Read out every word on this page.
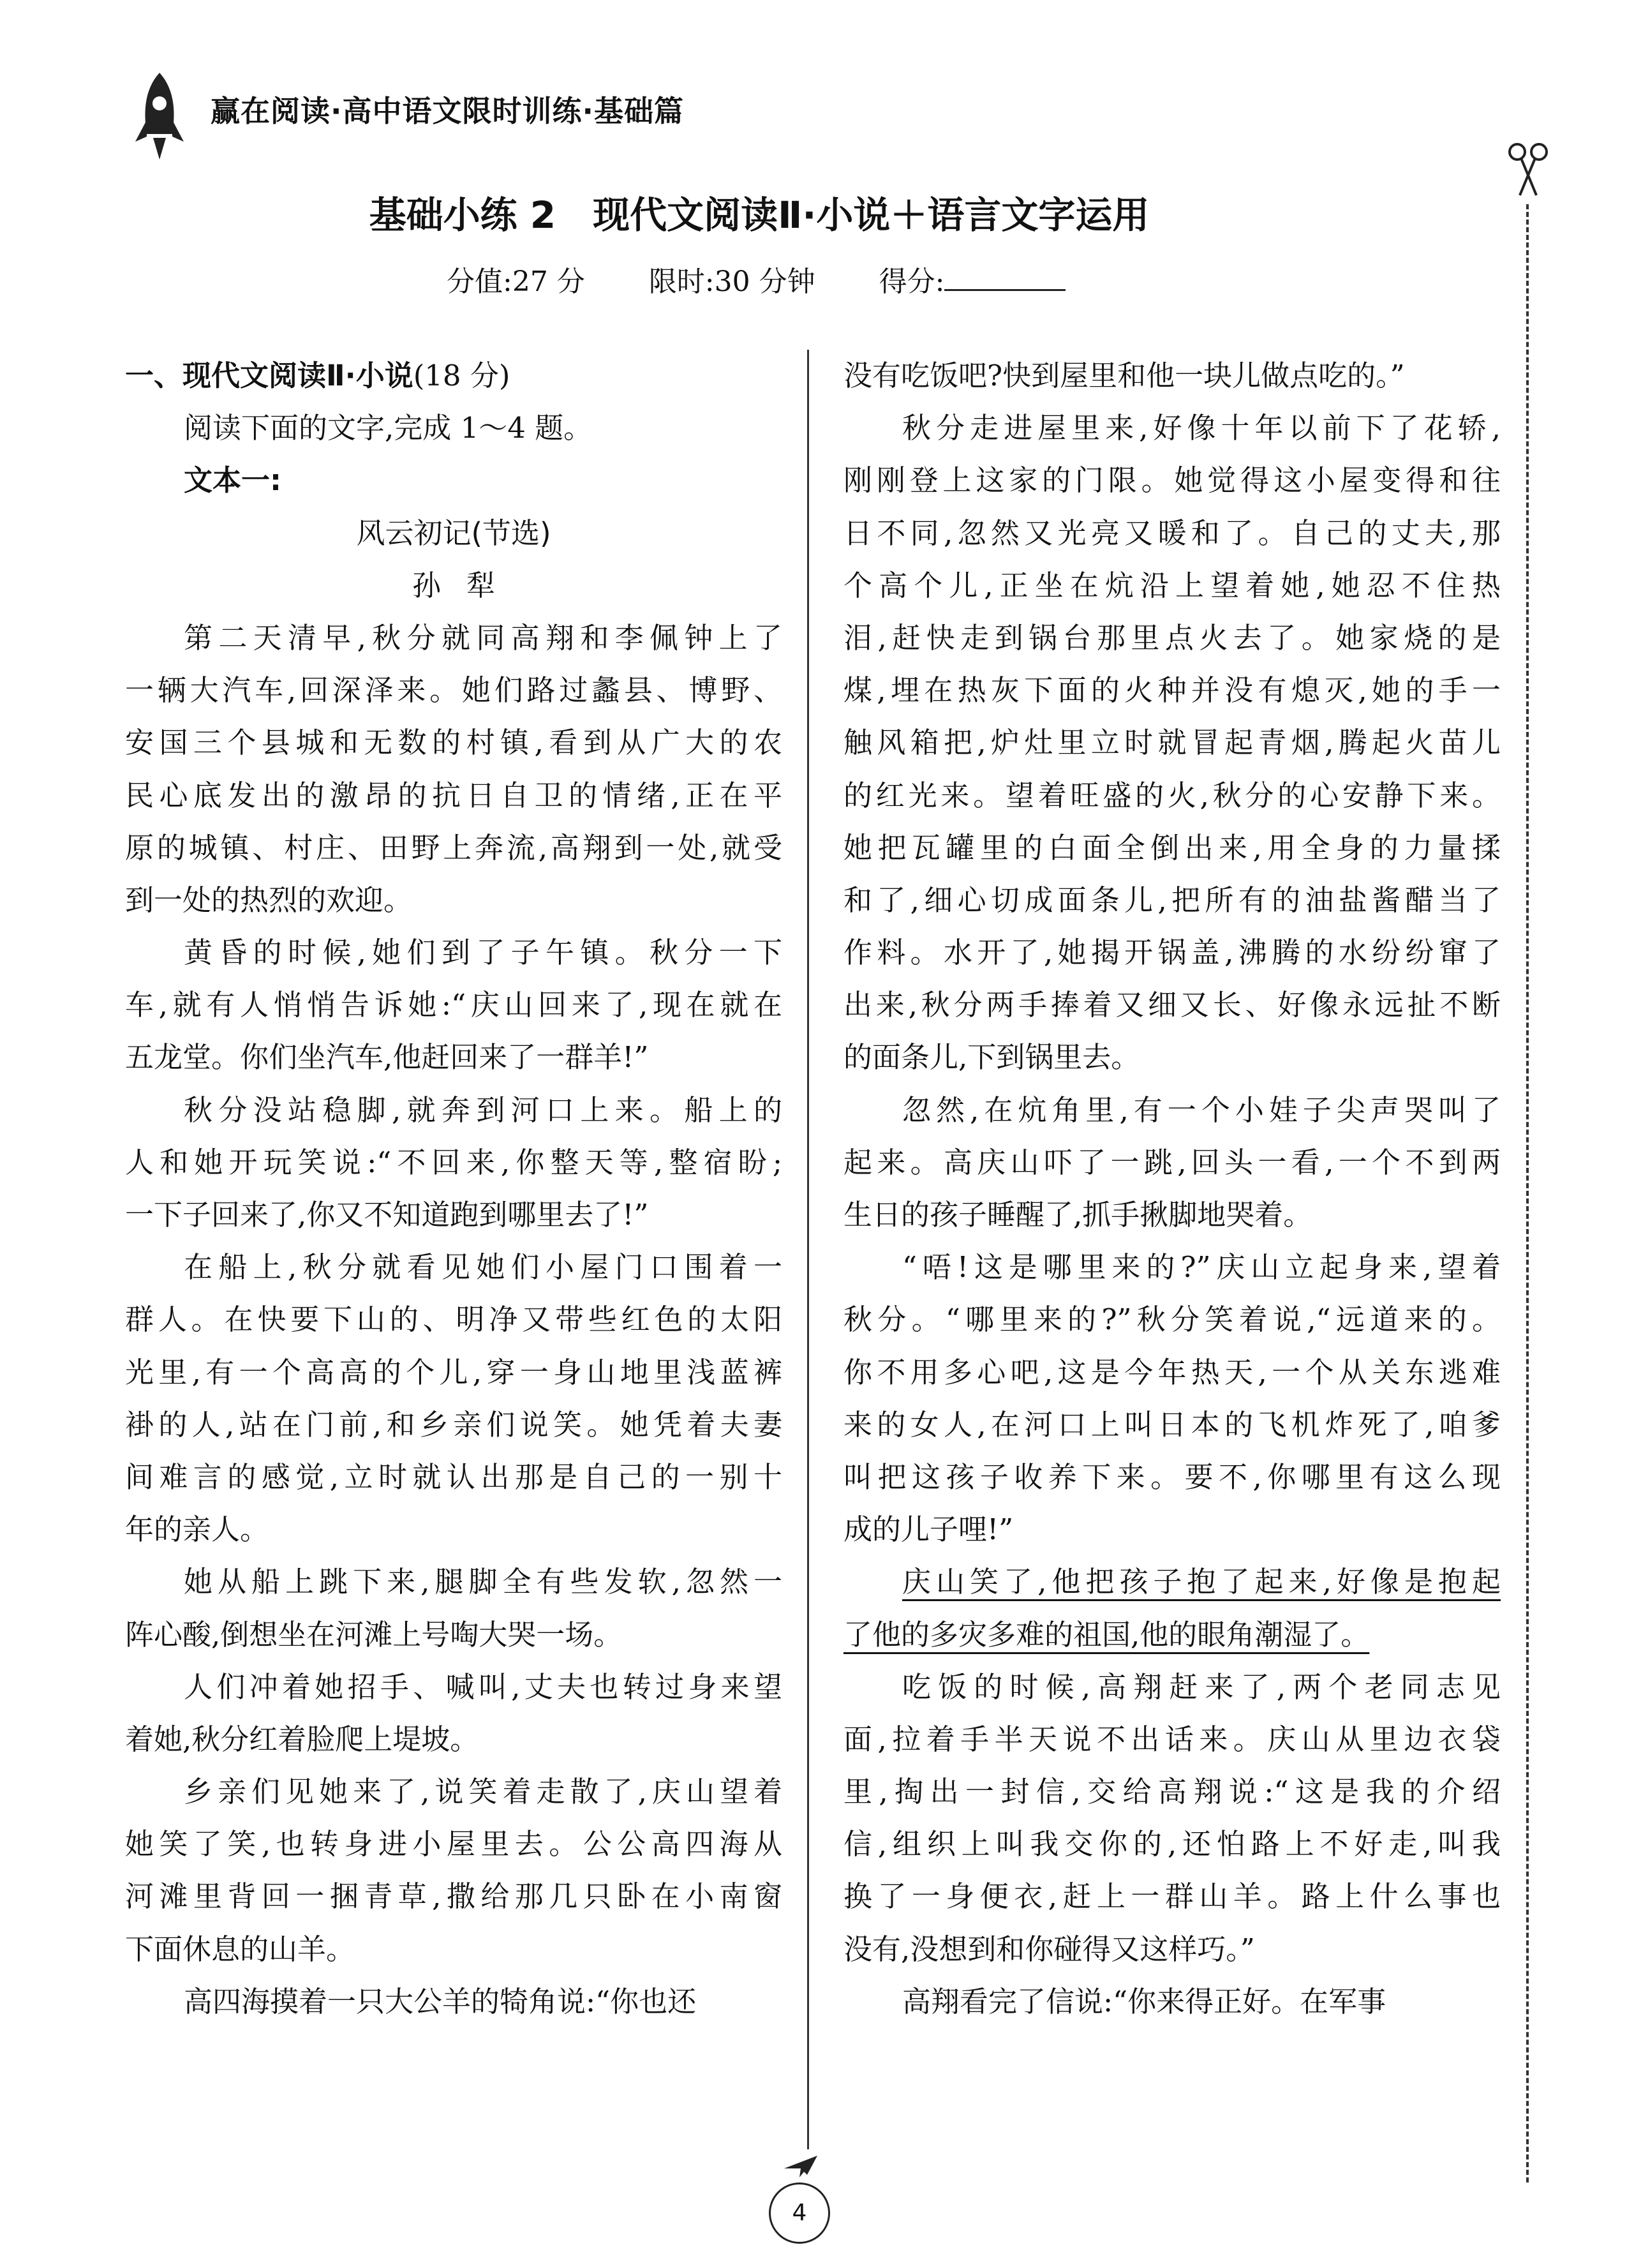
赢在阅读·高中语文限时训练·基础篇
基础小练 2　现代文阅读Ⅱ·小说＋语言文字运用
分值:27 分 限时:30 分钟 得分:
一、现代文阅读Ⅱ·小说(18 分)
阅读下面的文字,完成 1～4 题。
文本一:
风云初记(节选)
孙犁
第二天清早,秋分就同高翔和李佩钟上了
一辆大汽车,回深泽来。她们路过蠡县、博野、
安国三个县城和无数的村镇,看到从广大的农
民心底发出的激昂的抗日自卫的情绪,正在平
原的城镇、村庄、田野上奔流,高翔到一处,就受
到一处的热烈的欢迎。
黄昏的时候,她们到了子午镇。秋分一下
车,就有人悄悄告诉她:“庆山回来了,现在就在
五龙堂。你们坐汽车,他赶回来了一群羊!”
秋分没站稳脚,就奔到河口上来。船上的
人和她开玩笑说:“不回来,你整天等,整宿盼;
一下子回来了,你又不知道跑到哪里去了!”
在船上,秋分就看见她们小屋门口围着一
群人。在快要下山的、明净又带些红色的太阳
光里,有一个高高的个儿,穿一身山地里浅蓝裤
褂的人,站在门前,和乡亲们说笑。她凭着夫妻
间难言的感觉,立时就认出那是自己的一别十
年的亲人。
她从船上跳下来,腿脚全有些发软,忽然一
阵心酸,倒想坐在河滩上号啕大哭一场。
人们冲着她招手、喊叫,丈夫也转过身来望
着她,秋分红着脸爬上堤坡。
乡亲们见她来了,说笑着走散了,庆山望着
她笑了笑,也转身进小屋里去。公公高四海从
河滩里背回一捆青草,撒给那几只卧在小南窗
下面休息的山羊。
高四海摸着一只大公羊的犄角说:“你也还
没有吃饭吧?快到屋里和他一块儿做点吃的。”
秋分走进屋里来,好像十年以前下了花轿,
刚刚登上这家的门限。她觉得这小屋变得和往
日不同,忽然又光亮又暖和了。自己的丈夫,那
个高个儿,正坐在炕沿上望着她,她忍不住热
泪,赶快走到锅台那里点火去了。她家烧的是
煤,埋在热灰下面的火种并没有熄灭,她的手一
触风箱把,炉灶里立时就冒起青烟,腾起火苗儿
的红光来。望着旺盛的火,秋分的心安静下来。
她把瓦罐里的白面全倒出来,用全身的力量揉
和了,细心切成面条儿,把所有的油盐酱醋当了
作料。水开了,她揭开锅盖,沸腾的水纷纷窜了
出来,秋分两手捧着又细又长、好像永远扯不断
的面条儿,下到锅里去。
忽然,在炕角里,有一个小娃子尖声哭叫了
起来。高庆山吓了一跳,回头一看,一个不到两
生日的孩子睡醒了,抓手揪脚地哭着。
“唔!这是哪里来的?”庆山立起身来,望着
秋分。“哪里来的?”秋分笑着说,“远道来的。
你不用多心吧,这是今年热天,一个从关东逃难
来的女人,在河口上叫日本的飞机炸死了,咱爹
叫把这孩子收养下来。要不,你哪里有这么现
成的儿子哩!”
庆山笑了,他把孩子抱了起来,好像是抱起
了他的多灾多难的祖国,他的眼角潮湿了。
吃饭的时候,高翔赶来了,两个老同志见
面,拉着手半天说不出话来。庆山从里边衣袋
里,掏出一封信,交给高翔说:“这是我的介绍
信,组织上叫我交你的,还怕路上不好走,叫我
换了一身便衣,赶上一群山羊。路上什么事也
没有,没想到和你碰得又这样巧。”
高翔看完了信说:“你来得正好。在军事
4
